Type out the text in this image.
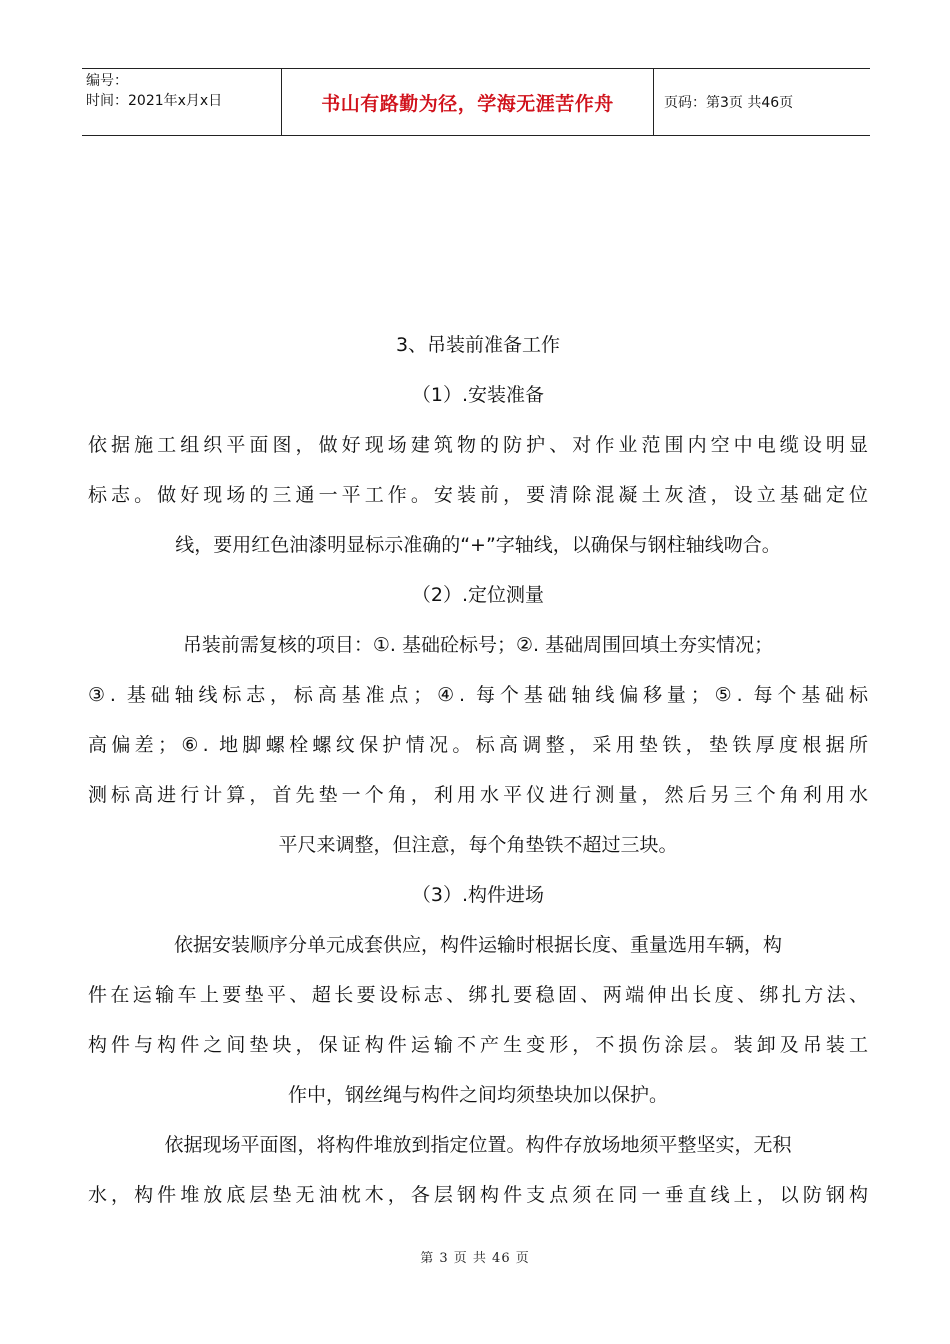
编号：
时间：2021年x月x日	书山有路勤为径，学海无涯苦作舟	页码：第3页 共46页
3、吊装前准备工作
（1）.安装准备
依据施工组织平面图，做好现场建筑物的防护、对作业范围内空中电缆设明显
标志。做好现场的三通一平工作。安装前，要清除混凝土灰渣，设立基础定位
线，要用红色油漆明显标示准确的“+”字轴线，以确保与钢柱轴线吻合。
（2）.定位测量
吊装前需复核的项目：①. 基础砼标号；②. 基础周围回填土夯实情况；
③. 基础轴线标志，标高基准点；④. 每个基础轴线偏移量；⑤. 每个基础标
高偏差；⑥. 地脚螺栓螺纹保护情况。标高调整，采用垫铁，垫铁厚度根据所
测标高进行计算，首先垫一个角，利用水平仪进行测量，然后另三个角利用水
平尺来调整，但注意，每个角垫铁不超过三块。
（3）.构件进场
依据安装顺序分单元成套供应，构件运输时根据长度、重量选用车辆，构
件在运输车上要垫平、超长要设标志、绑扎要稳固、两端伸出长度、绑扎方法、
构件与构件之间垫块，保证构件运输不产生变形，不损伤涂层。装卸及吊装工
作中，钢丝绳与构件之间均须垫块加以保护。
依据现场平面图，将构件堆放到指定位置。构件存放场地须平整坚实，无积
水，构件堆放底层垫无油枕木，各层钢构件支点须在同一垂直线上，以防钢构
第 3 页 共 46 页
